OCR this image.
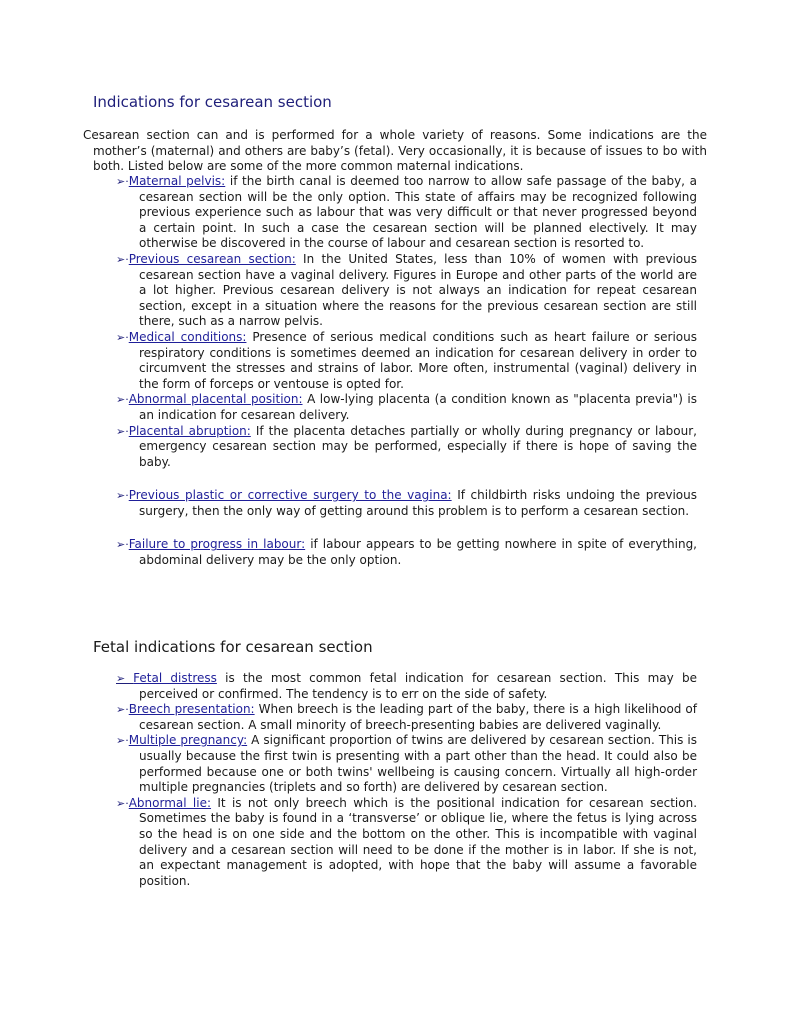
Indications for cesarean section

Cesarean section can and is performed for a whole variety of reasons. Some indications are the mother’s (maternal) and others are baby’s (fetal). Very occasionally, it is because of issues to bo with both. Listed below are some of the more common maternal indications.

➢·Maternal pelvis: if the birth canal is deemed too narrow to allow safe passage of the baby, a cesarean section will be the only option. This state of affairs may be recognized following previous experience such as labour that was very difficult or that never progressed beyond a certain point. In such a case the cesarean section will be planned electively. It may otherwise be discovered in the course of labour and cesarean section is resorted to.
➢·Previous cesarean section: In the United States, less than 10% of women with previous cesarean section have a vaginal delivery. Figures in Europe and other parts of the world are a lot higher. Previous cesarean delivery is not always an indication for repeat cesarean section, except in a situation where the reasons for the previous cesarean section are still there, such as a narrow pelvis.
➢·Medical conditions: Presence of serious medical conditions such as heart failure or serious respiratory conditions is sometimes deemed an indication for cesarean delivery in order to circumvent the stresses and strains of labor. More often, instrumental (vaginal) delivery in the form of forceps or ventouse is opted for.
➢·Abnormal placental position: A low-lying placenta (a condition known as "placenta previa") is an indication for cesarean delivery.
➢·Placental abruption: If the placenta detaches partially or wholly during pregnancy or labour, emergency cesarean section may be performed, especially if there is hope of saving the baby.
➢·Previous plastic or corrective surgery to the vagina: If childbirth risks undoing the previous surgery, then the only way of getting around this problem is to perform a cesarean section.
➢·Failure to progress in labour: if labour appears to be getting nowhere in spite of everything, abdominal delivery may be the only option.
Fetal indications for cesarean section
➢ Fetal distress is the most common fetal indication for cesarean section. This may be perceived or confirmed. The tendency is to err on the side of safety.
➢·Breech presentation: When breech is the leading part of the baby, there is a high likelihood of cesarean section. A small minority of breech-presenting babies are delivered vaginally.
➢·Multiple pregnancy: A significant proportion of twins are delivered by cesarean section. This is usually because the first twin is presenting with a part other than the head. It could also be performed because one or both twins' wellbeing is causing concern. Virtually all high-order multiple pregnancies (triplets and so forth) are delivered by cesarean section.
➢·Abnormal lie: It is not only breech which is the positional indication for cesarean section. Sometimes the baby is found in a ‘transverse’ or oblique lie, where the fetus is lying across so the head is on one side and the bottom on the other. This is incompatible with vaginal delivery and a cesarean section will need to be done if the mother is in labor. If she is not, an expectant management is adopted, with hope that the baby will assume a favorable position.
